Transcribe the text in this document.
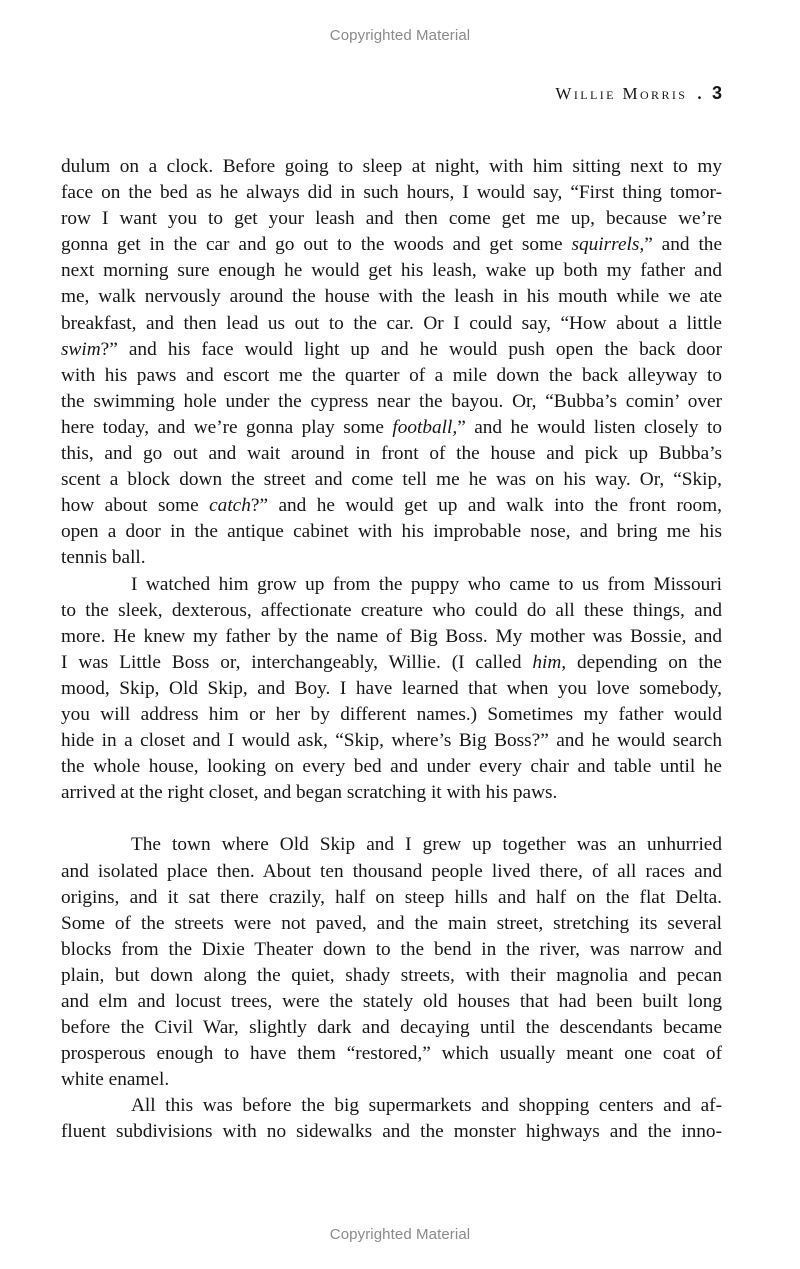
Copyrighted Material
Willie Morris . 3
dulum on a clock. Before going to sleep at night, with him sitting next to my
face on the bed as he always did in such hours, I would say, “First thing tomor-
row I want you to get your leash and then come get me up, because we’re
gonna get in the car and go out to the woods and get some squirrels,” and the
next morning sure enough he would get his leash, wake up both my father and
me, walk nervously around the house with the leash in his mouth while we ate
breakfast, and then lead us out to the car. Or I could say, “How about a little
swim?” and his face would light up and he would push open the back door
with his paws and escort me the quarter of a mile down the back alleyway to
the swimming hole under the cypress near the bayou. Or, “Bubba’s comin’ over
here today, and we’re gonna play some football,” and he would listen closely to
this, and go out and wait around in front of the house and pick up Bubba’s
scent a block down the street and come tell me he was on his way. Or, “Skip,
how about some catch?” and he would get up and walk into the front room,
open a door in the antique cabinet with his improbable nose, and bring me his
tennis ball.
I watched him grow up from the puppy who came to us from Missouri
to the sleek, dexterous, affectionate creature who could do all these things, and
more. He knew my father by the name of Big Boss. My mother was Bossie, and
I was Little Boss or, interchangeably, Willie. (I called him, depending on the
mood, Skip, Old Skip, and Boy. I have learned that when you love somebody,
you will address him or her by different names.) Sometimes my father would
hide in a closet and I would ask, “Skip, where’s Big Boss?” and he would search
the whole house, looking on every bed and under every chair and table until he
arrived at the right closet, and began scratching it with his paws.
The town where Old Skip and I grew up together was an unhurried
and isolated place then. About ten thousand people lived there, of all races and
origins, and it sat there crazily, half on steep hills and half on the flat Delta.
Some of the streets were not paved, and the main street, stretching its several
blocks from the Dixie Theater down to the bend in the river, was narrow and
plain, but down along the quiet, shady streets, with their magnolia and pecan
and elm and locust trees, were the stately old houses that had been built long
before the Civil War, slightly dark and decaying until the descendants became
prosperous enough to have them “restored,” which usually meant one coat of
white enamel.
All this was before the big supermarkets and shopping centers and af-
fluent subdivisions with no sidewalks and the monster highways and the inno-
Copyrighted Material
